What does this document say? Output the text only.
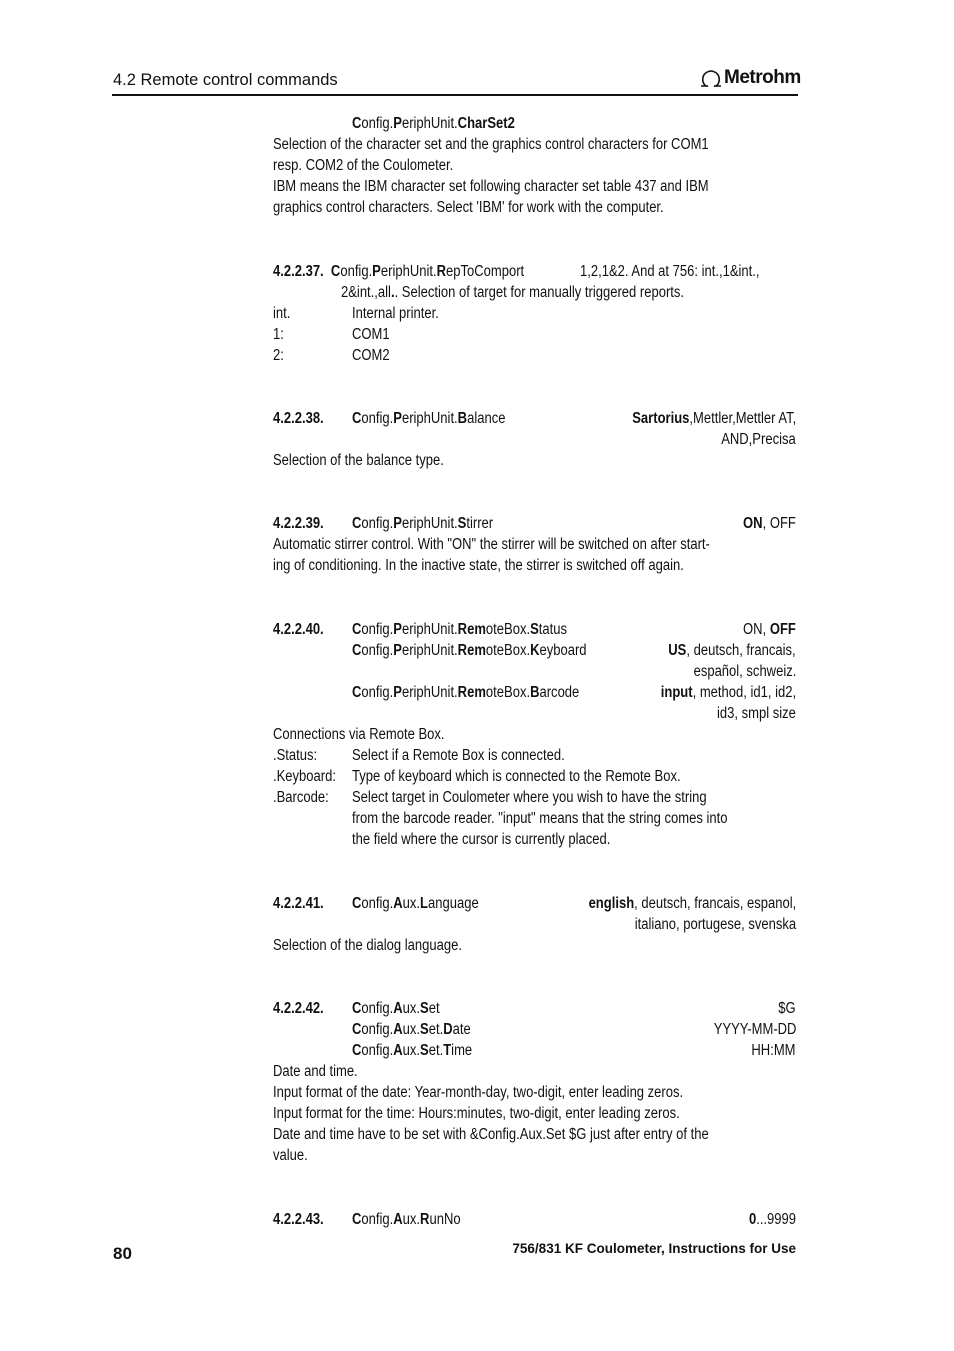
4.2 Remote control commands	Metrohm
Config.PeriphUnit.CharSet2
Selection of the character set and the graphics control characters for COM1
resp. COM2 of the Coulometer.
IBM means the IBM character set following character set table 437 and IBM
graphics control characters. Select 'IBM' for work with the computer.
4.2.2.37. Config.PeriphUnit.RepToComport	1,2,1&2. And at 756: int.,1&int.,
2&int.,all.. Selection of target for manually triggered reports.
int.	Internal printer.
1:	COM1
2:	COM2
4.2.2.38. Config.PeriphUnit.Balance	Sartorius,Mettler,Mettler AT,
AND,Precisa
Selection of the balance type.
4.2.2.39. Config.PeriphUnit.Stirrer	ON, OFF
Automatic stirrer control. With "ON" the stirrer will be switched on after start-
ing of conditioning. In the inactive state, the stirrer is switched off again.
4.2.2.40. Config.PeriphUnit.RemoteBox.Status	ON, OFF
Config.PeriphUnit.RemoteBox.Keyboard	US, deutsch, francais,
español, schweiz.
Config.PeriphUnit.RemoteBox.Barcode	input, method, id1, id2,
id3, smpl size
Connections via Remote Box.
.Status: Select if a Remote Box is connected.
.Keyboard: Type of keyboard which is connected to the Remote Box.
.Barcode: Select target in Coulometer where you wish to have the string
from the barcode reader. "input" means that the string comes into
the field where the cursor is currently placed.
4.2.2.41. Config.Aux.Language	english, deutsch, francais, espanol,
italiano, portugese, svenska
Selection of the dialog language.
4.2.2.42. Config.Aux.Set	$G
Config.Aux.Set.Date	YYYY-MM-DD
Config.Aux.Set.Time	HH:MM
Date and time.
Input format of the date: Year-month-day, two-digit, enter leading zeros.
Input format for the time: Hours:minutes, two-digit, enter leading zeros.
Date and time have to be set with &Config.Aux.Set $G just after entry of the
value.
4.2.2.43. Config.Aux.RunNo	0...9999
80	756/831 KF Coulometer, Instructions for Use
